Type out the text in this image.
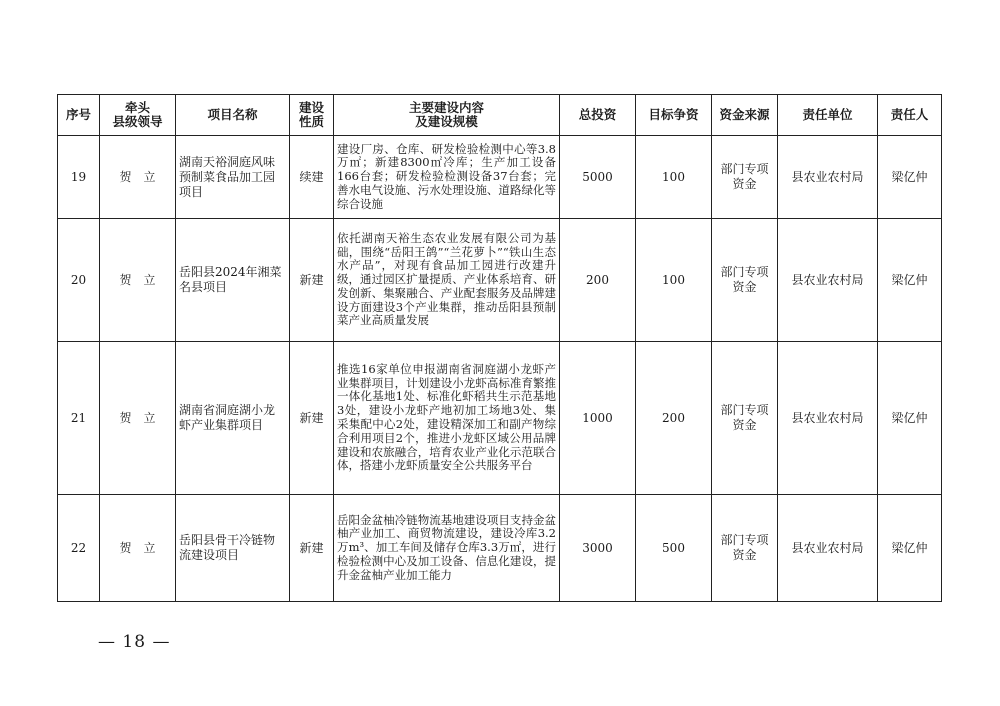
序号	牵头
县级领导	项目名称	建设
性质	主要建设内容
及建设规模	总投资	目标争资	资金来源	责任单位	责任人
19	贺　立	湖南天裕洞庭风味
预制菜食品加工园
项目	续建	建设厂房、仓库、研发检验检测中心等3.8万㎡；新建8300㎡冷库；生产加工设备166台套；研发检验检测设备37台套；完善水电气设施、污水处理设施、道路绿化等综合设施	5000	100	部门专项
资金	县农业农村局	梁亿仲
20	贺　立	岳阳县2024年湘菜
名县项目	新建	依托湖南天裕生态农业发展有限公司为基础，围绕“岳阳王鸽”“兰花萝卜”“铁山生态水产品”，对现有食品加工园进行改建升级，通过园区扩量提质、产业体系培育、研发创新、集聚融合、产业配套服务及品牌建设方面建设3个产业集群，推动岳阳县预制菜产业高质量发展	200	100	部门专项
资金	县农业农村局	梁亿仲
21	贺　立	湖南省洞庭湖小龙
虾产业集群项目	新建	推选16家单位申报湖南省洞庭湖小龙虾产业集群项目，计划建设小龙虾高标准育繁推一体化基地1处、标准化虾稻共生示范基地3处，建设小龙虾产地初加工场地3处、集采集配中心2处，建设精深加工和副产物综合利用项目2个，推进小龙虾区域公用品牌建设和农旅融合，培育农业产业化示范联合体，搭建小龙虾质量安全公共服务平台	1000	200	部门专项
资金	县农业农村局	梁亿仲
22	贺　立	岳阳县骨干冷链物
流建设项目	新建	岳阳金盆柚冷链物流基地建设项目支持金盆柚产业加工、商贸物流建设，建设冷库3.2万m³、加工车间及储存仓库3.3万㎡，进行检验检测中心及加工设备、信息化建设，提升金盆柚产业加工能力	3000	500	部门专项
资金	县农业农村局	梁亿仲
— 18 —
